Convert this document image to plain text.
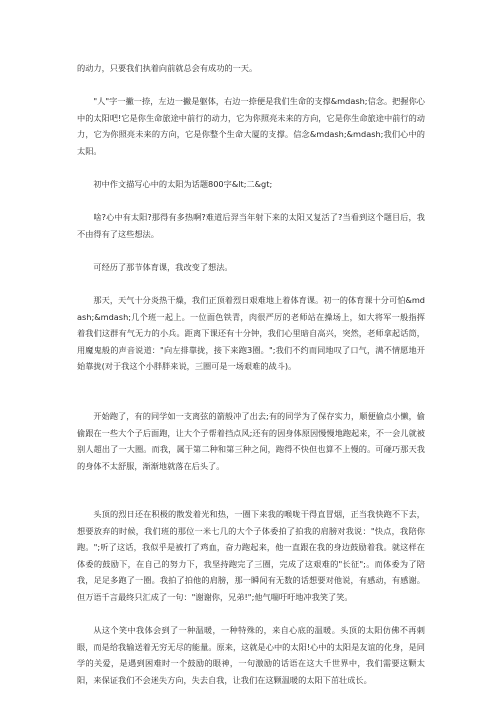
的动力，只要我们执着向前就总会有成功的一天。

"人"字一撇一捺，左边一撇是躯体，右边一捺便是我们生命的支撑&mdash;信念。把握你心中的太阳吧!它是你生命旅途中前行的动力，它为你照亮未来的方向，它是你生命旅途中前行的动力，它为你照亮未来的方向，它是你整个生命大厦的支撑。信念&mdash;&mdash;我们心中的太阳。

初中作文描写心中的太阳为话题800字&lt;二&gt;

啥?心中有太阳?那得有多热啊?难道后羿当年射下来的太阳又复活了?当看到这个题目后，我不由得有了这些想法。

可经历了那节体育课，我改变了想法。

那天，天气十分炎热干燥，我们正顶着烈日艰难地上着体育课。初一的体育课十分可怕&mdash;&mdash;几个班一起上。一位面色铁青，肉很严厉的老师站在操场上，如大将军一般指挥着我们这群有气无力的小兵。距离下课还有十分钟，我们心里暗自高兴，突然，老师拿起话筒，用魔鬼般的声音说道："向左排靠拢，接下来跑3圈。";我们不约而同地叹了口气，满不情愿地开始靠拢(对于我这个小胖胖来说，三圈可是一场艰难的战斗)。

开始跑了，有的同学如一支离弦的箭般冲了出去;有的同学为了保存实力，顺便偷点小懒，偷偷跟在一些大个子后面跑，让大个子帮着挡点风;还有的因身体原因慢慢地跑起来，不一会儿就被别人超出了一大圈。而我，属于第二种和第三种之间，跑得不快但也算不上慢的。可碰巧那天我的身体不太舒服，渐渐地就落在后头了。

头顶的烈日还在积极的散发着光和热，一圈下来我的喉咙干得直冒烟，正当我快跑不下去，想要放弃的时候，我们班的那位一米七几的大个子体委拍了拍我的肩膀对我说："快点，我陪你跑。";听了这话，我似乎是被打了鸡血，奋力跑起来，他一直跟在我的身边鼓励着我。就这样在体委的鼓励下，在自己的努力下，我坚持跑完了三圈，完成了这艰难的"长征";。而体委为了陪我，足足多跑了一圈。我拍了拍他的肩膀，那一瞬间有无数的话想要对他说，有感动，有感谢。但万语千言最终只汇成了一句："谢谢你，兄弟!";他气喘吁吁地冲我笑了笑。

从这个笑中我体会到了一种温暖，一种特殊的，来自心底的温暖。头顶的太阳仿佛不再刺眼，而是给我输送着无穷无尽的能量。原来，这就是心中的太阳!心中的太阳是友谊的化身，是同学的关爱，是遇到困难时一个鼓励的眼神，一句激励的话语在这大千世界中，我们需要这颗太阳，来保证我们不会迷失方向，失去自我，让我们在这颗温暖的太阳下茁壮成长。
